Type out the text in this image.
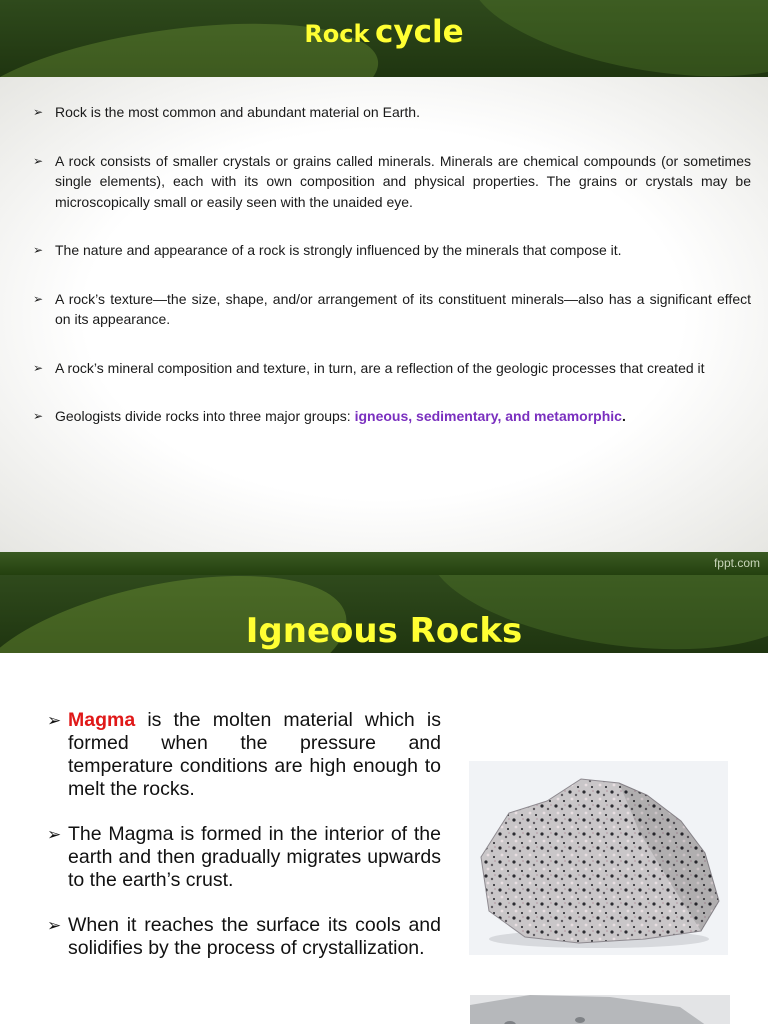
Rock cycle
➢ Rock is the most common and abundant material on Earth.
➢ A rock consists of smaller crystals or grains called minerals. Minerals are chemical compounds (or sometimes single elements), each with its own composition and physical properties. The grains or crystals may be microscopically small or easily seen with the unaided eye.
➢ The nature and appearance of a rock is strongly influenced by the minerals that compose it.
➢ A rock’s texture—the size, shape, and/or arrangement of its constituent minerals—also has a significant effect on its appearance.
➢ A rock’s mineral composition and texture, in turn, are a reflection of the geologic processes that created it
➢ Geologists divide rocks into three major groups: igneous, sedimentary, and metamorphic.
fppt.com
Igneous Rocks
➢ Magma is the molten material which is formed when the pressure and temperature conditions are high enough to melt the rocks.
➢ The Magma is formed in the interior of the earth and then gradually migrates upwards to the earth’s crust.
➢ When it reaches the surface its cools and solidifies by the process of crystallization.
